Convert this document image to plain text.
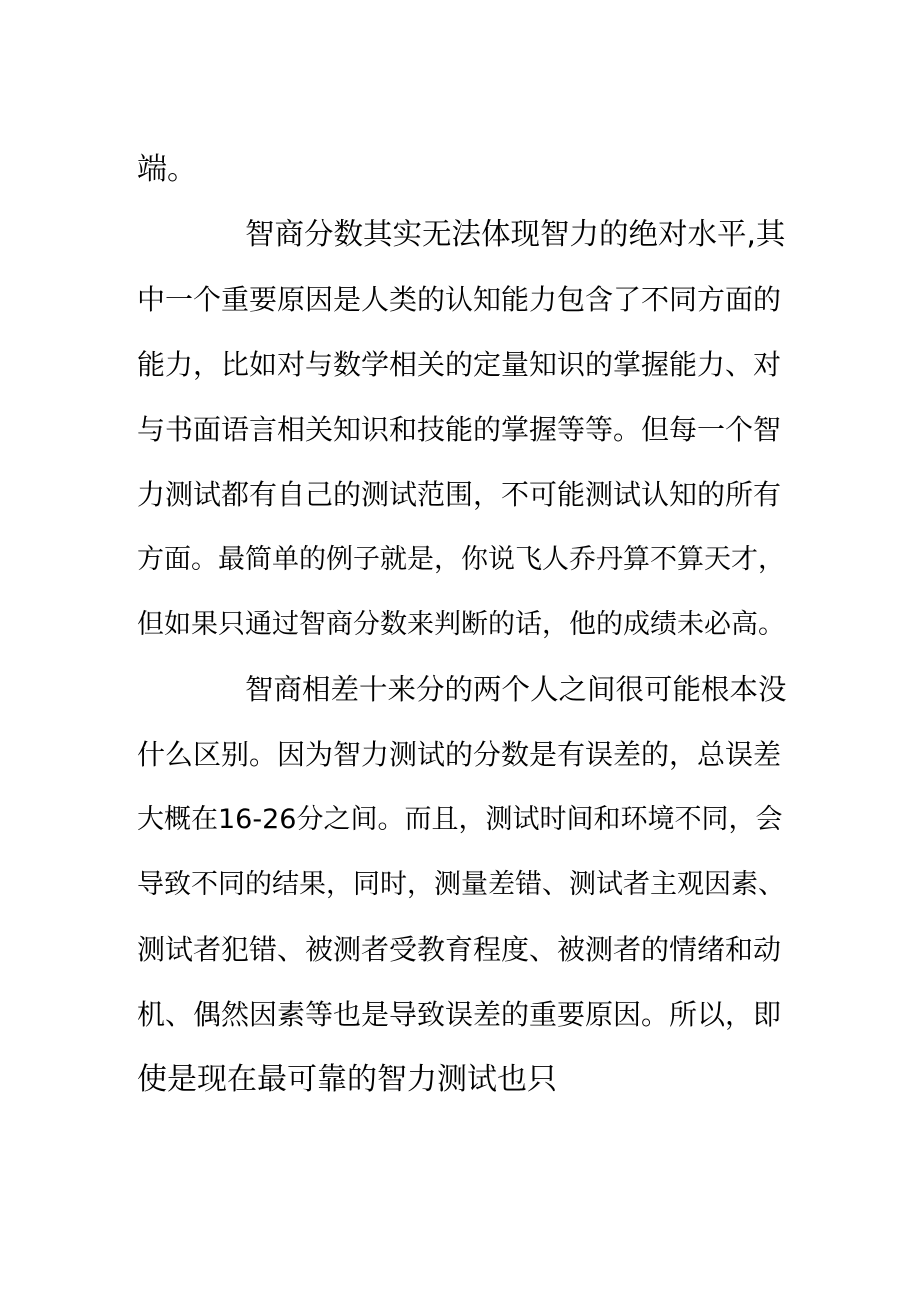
端。
智商分数其实无法体现智力的绝对水平,其
中一个重要原因是人类的认知能力包含了不同方面的
能力，比如对与数学相关的定量知识的掌握能力、对
与书面语言相关知识和技能的掌握等等。但每一个智
力测试都有自己的测试范围，不可能测试认知的所有
方面。最简单的例子就是，你说飞人乔丹算不算天才，
但如果只通过智商分数来判断的话，他的成绩未必高。
智商相差十来分的两个人之间很可能根本没
什么区别。因为智力测试的分数是有误差的，总误差
大概在16-26分之间。而且，测试时间和环境不同，会
导致不同的结果，同时，测量差错、测试者主观因素、
测试者犯错、被测者受教育程度、被测者的情绪和动
机、偶然因素等也是导致误差的重要原因。所以，即
使是现在最可靠的智力测试也只
